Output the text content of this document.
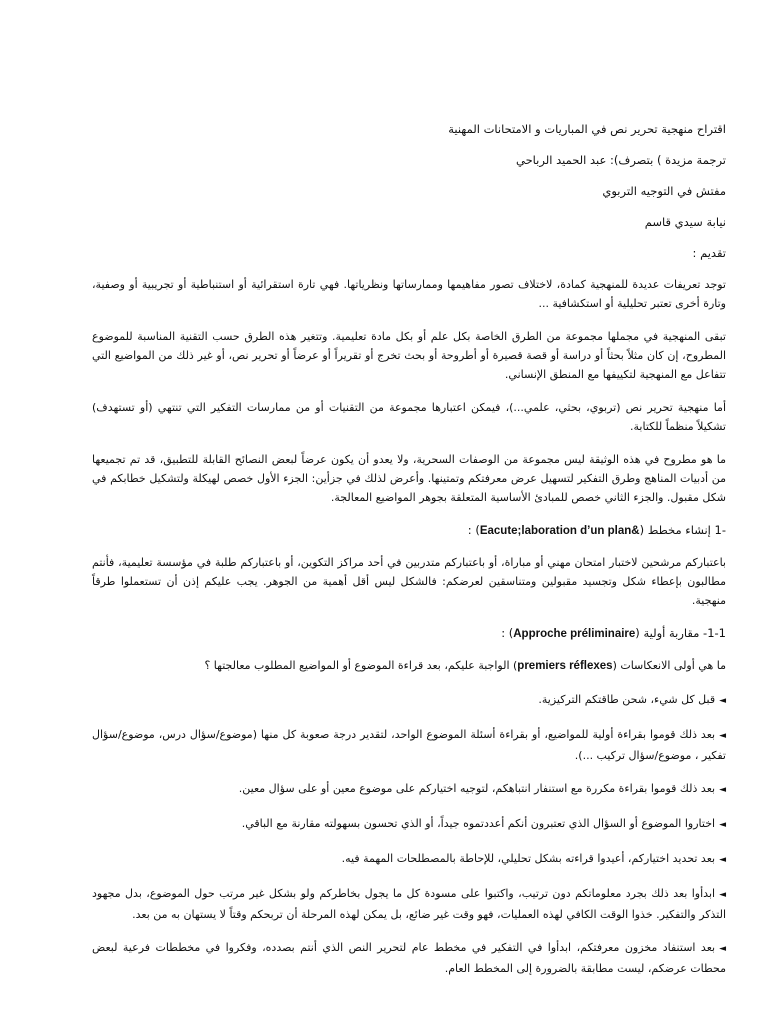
اقتراح منهجية تحرير نص في المباريات و الامتحانات المهنية
ترجمة مزيدة ) بتصرف): عبد الحميد الرباحي
مفتش في التوجيه التربوي
نيابة سيدي قاسم
تقديم :
توجد تعريفات عديدة للمنهجية كمادة، لاختلاف تصور مفاهيمها وممارساتها ونظرياتها. فهي تارة استقرائية أو استنباطية أو تجريبية أو وصفية، وتارة أخرى تعتبر تحليلية أو استكشافية ...
تبقى المنهجية في مجملها مجموعة من الطرق الخاصة بكل علم أو بكل مادة تعليمية. وتتغير هذه الطرق حسب التقنية المناسبة للموضوع المطروح، إن كان مثلاً بحثاً أو دراسة أو قصة قصيرة أو أطروحة أو بحث تخرج أو تقريراً أو عرضاً أو تحرير نص، أو غير ذلك من المواضيع التي تتفاعل مع المنهجية لتكييفها مع المنطق الإنساني.
أما منهجية تحرير نص (تربوي، بحثي، علمي...)، فيمكن اعتبارها مجموعة من التقنيات أو من ممارسات التفكير التي تنتهي (أو تستهدف) تشكيلاً منظماً للكتابة.
ما هو مطروح في هذه الوثيقة ليس مجموعة من الوصفات السحرية، ولا يعدو أن يكون عرضاً لبعض النصائح القابلة للتطبيق، قد تم تجميعها من أدبيات المناهج وطرق التفكير لتسهيل عرض معرفتكم وتمتينها. وأعرض لذلك في جزأين: الجزء الأول خصص لهيكلة ولتشكيل خطابكم في شكل مقبول. والجزء الثاني خصص للمبادئ الأساسية المتعلقة بجوهر المواضيع المعالجة.
-1 إنشاء مخطط (Eacute;laboration d’un plan&) :
باعتباركم مرشحين لاختبار امتحان مهني أو مباراة، أو باعتباركم متدربين في أحد مراكز التكوين، أو باعتباركم طلبة في مؤسسة تعليمية، فأنتم مطالبون بإعطاء شكل وتجسيد مقبولين ومتناسقين لعرضكم: فالشكل ليس أقل أهمية من الجوهر. يجب عليكم إذن أن تستعملوا طرقاً منهجية.
1-1- مقاربة أولية (Approche préliminaire) :
ما هي أولى الانعكاسات (premiers réflexes) الواجبة عليكم، بعد قراءة الموضوع أو المواضيع المطلوب معالجتها ؟
◄قبل كل شيء، شحن طاقتكم التركيزية.
◄بعد ذلك قوموا بقراءة أولية للمواضيع، أو بقراءة أسئلة الموضوع الواحد، لتقدير درجة صعوبة كل منها (موضوع/سؤال درس، موضوع/سؤال تفكير ، موضوع/سؤال تركيب ...).
◄بعد ذلك قوموا بقراءة مكررة مع استنفار انتباهكم، لتوجيه اختياركم على موضوع معين أو على سؤال معين.
◄اختاروا الموضوع أو السؤال الذي تعتبرون أنكم أعددتموه جيداً، أو الذي تحسون بسهولته مقارنة مع الباقي.
◄بعد تحديد اختياركم، أعيدوا قراءته بشكل تحليلي، للإحاطة بالمصطلحات المهمة فيه.
◄ابدأوا بعد ذلك بجرد معلوماتكم دون ترتيب، واكتبوا على مسودة كل ما يجول بخاطركم ولو بشكل غير مرتب حول الموضوع، بدل مجهود التذكر والتفكير. خذوا الوقت الكافي لهذه العمليات، فهو وقت غير ضائع، بل يمكن لهذه المرحلة أن تربحكم وقتاً لا يستهان به من بعد.
◄بعد استنفاد مخزون معرفتكم، ابدأوا في التفكير في مخطط عام لتحرير النص الذي أنتم بصدده، وفكروا في مخططات فرعية لبعض محطات عرضكم، ليست مطابقة بالضرورة إلى المخطط العام.
